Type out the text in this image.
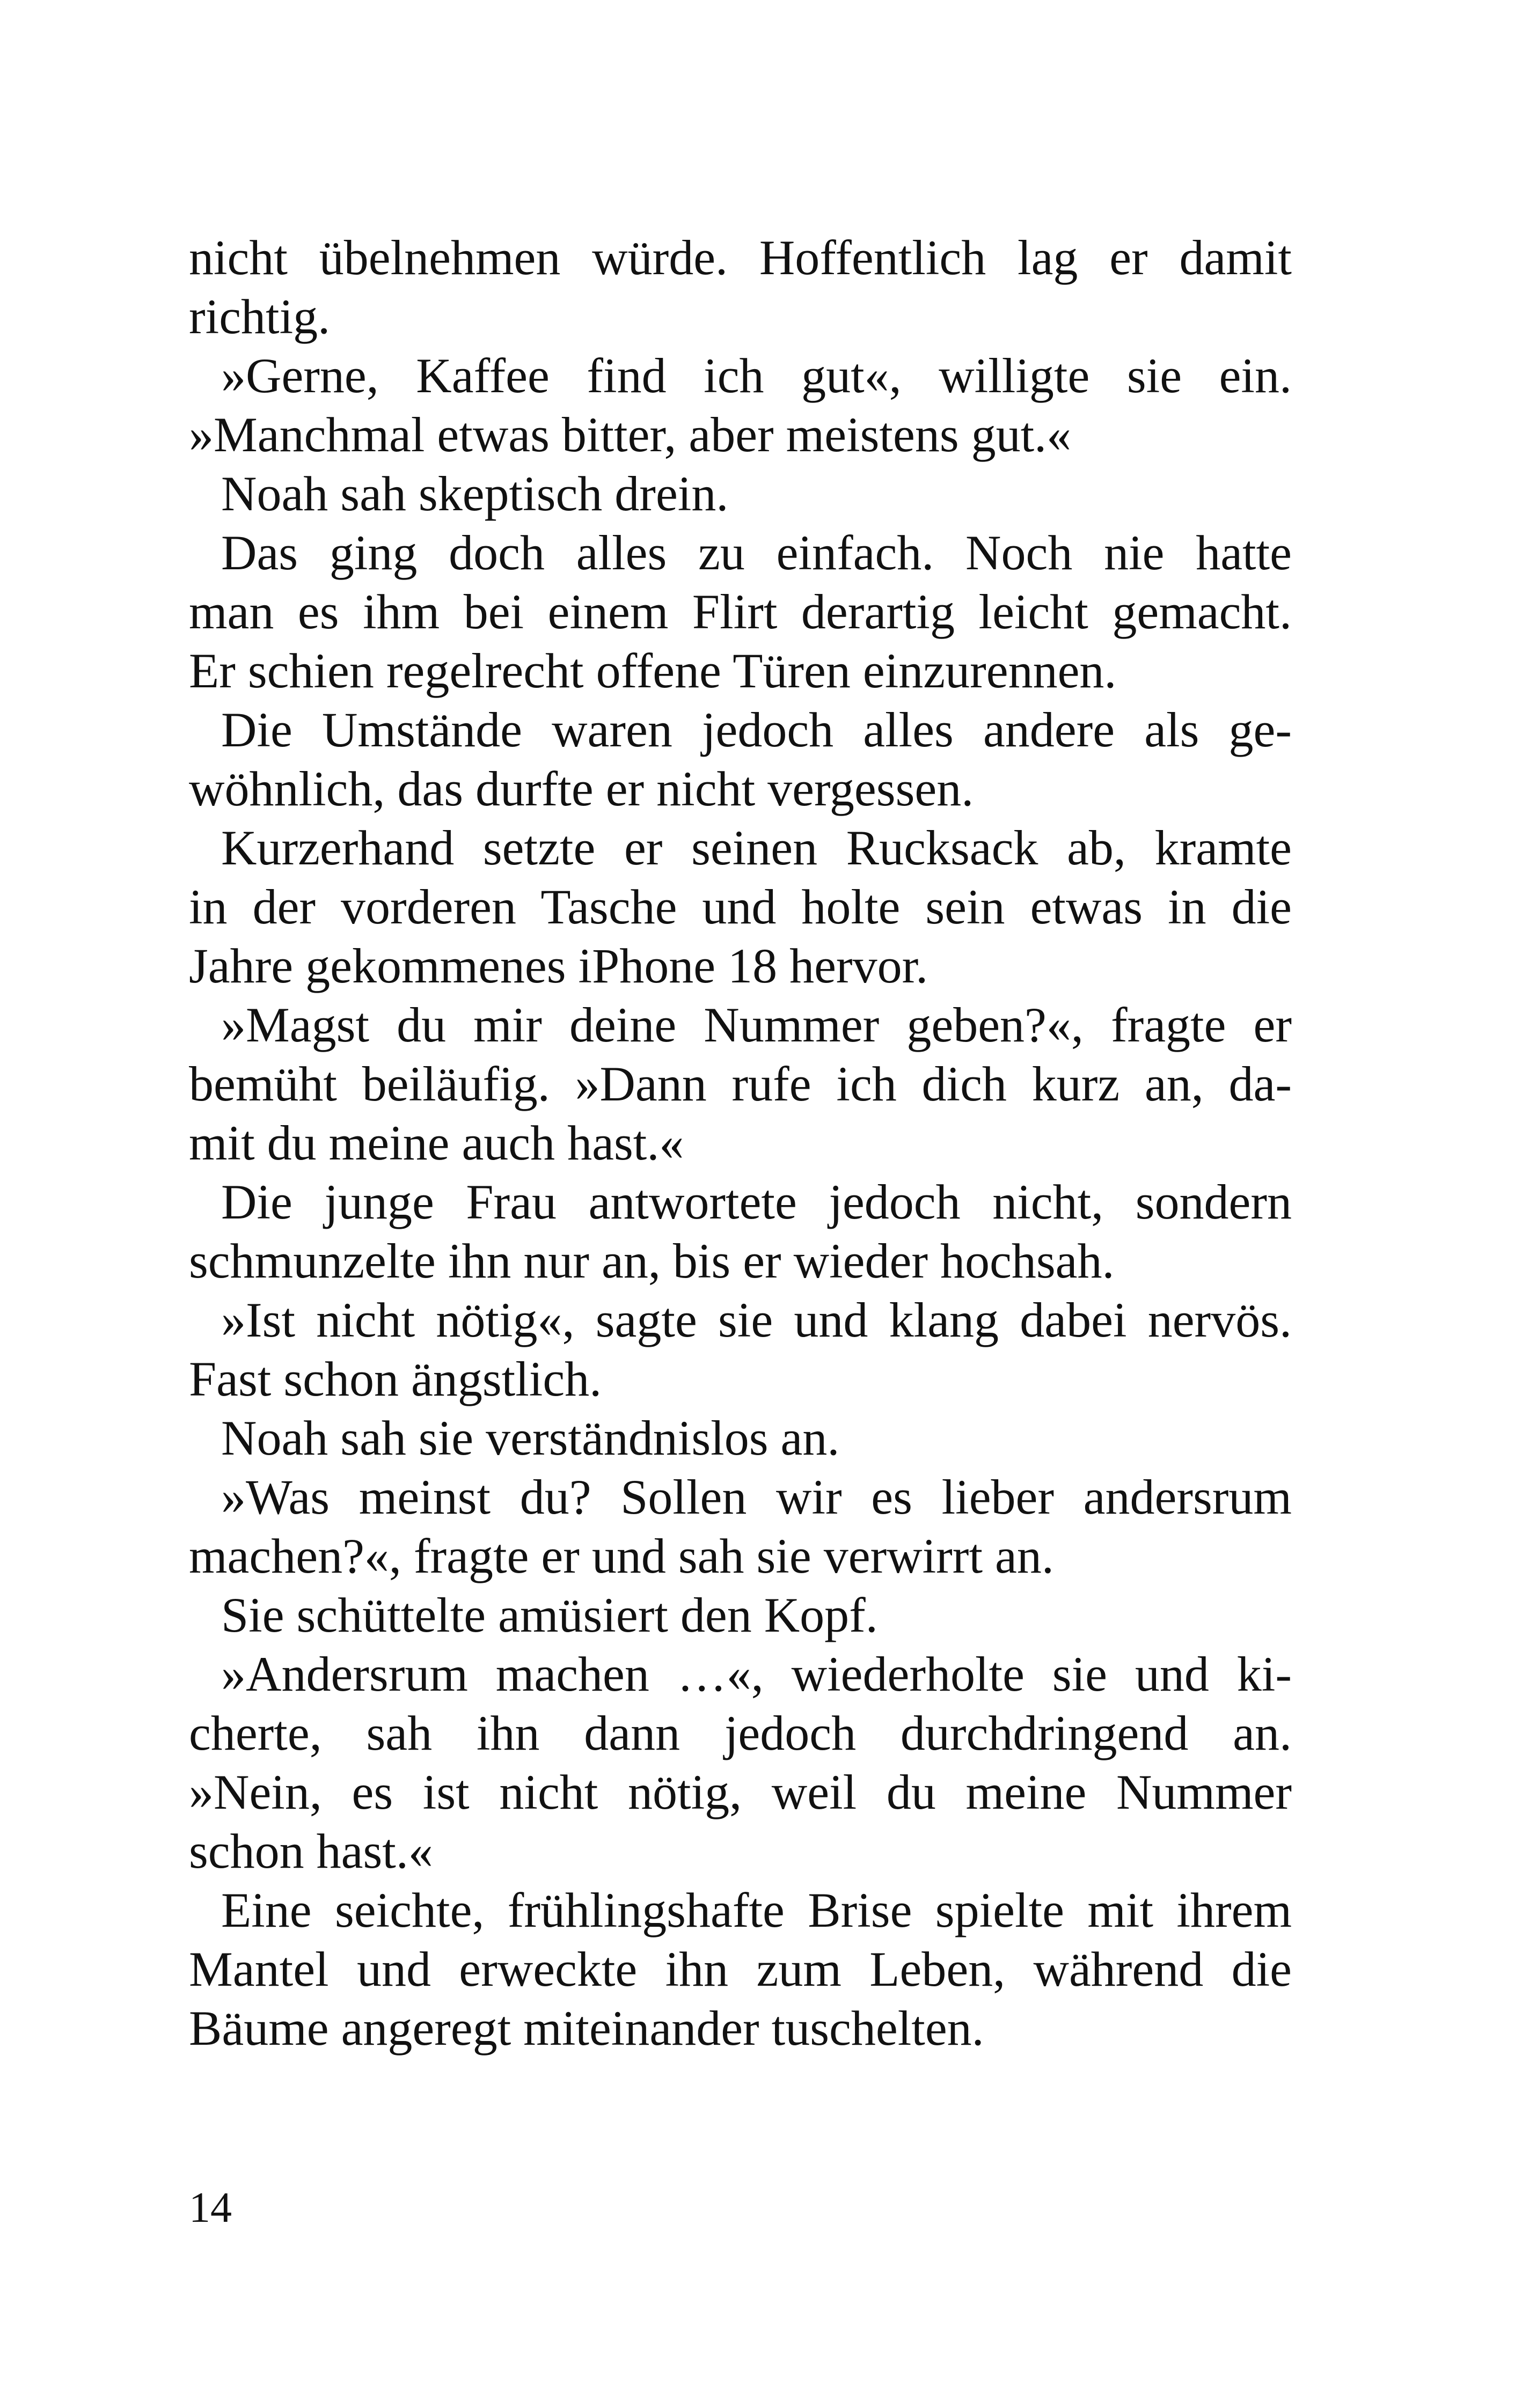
nicht übelnehmen würde. Hoffentlich lag er damit
richtig.
»Gerne, Kaffee find ich gut«, willigte sie ein.
»Manchmal etwas bitter, aber meistens gut.«
Noah sah skeptisch drein.
Das ging doch alles zu einfach. Noch nie hatte
man es ihm bei einem Flirt derartig leicht gemacht.
Er schien regelrecht offene Türen einzurennen.
Die Umstände waren jedoch alles andere als ge-
wöhnlich, das durfte er nicht vergessen.
Kurzerhand setzte er seinen Rucksack ab, kramte
in der vorderen Tasche und holte sein etwas in die
Jahre gekommenes iPhone 18 hervor.
»Magst du mir deine Nummer geben?«, fragte er
bemüht beiläufig. »Dann rufe ich dich kurz an, da-
mit du meine auch hast.«
Die junge Frau antwortete jedoch nicht, sondern
schmunzelte ihn nur an, bis er wieder hochsah.
»Ist nicht nötig«, sagte sie und klang dabei nervös.
Fast schon ängstlich.
Noah sah sie verständnislos an.
»Was meinst du? Sollen wir es lieber andersrum
machen?«, fragte er und sah sie verwirrt an.
Sie schüttelte amüsiert den Kopf.
»Andersrum machen …«, wiederholte sie und ki-
cherte, sah ihn dann jedoch durchdringend an.
»Nein, es ist nicht nötig, weil du meine Nummer
schon hast.«
Eine seichte, frühlingshafte Brise spielte mit ihrem
Mantel und erweckte ihn zum Leben, während die
Bäume angeregt miteinander tuschelten.
14
